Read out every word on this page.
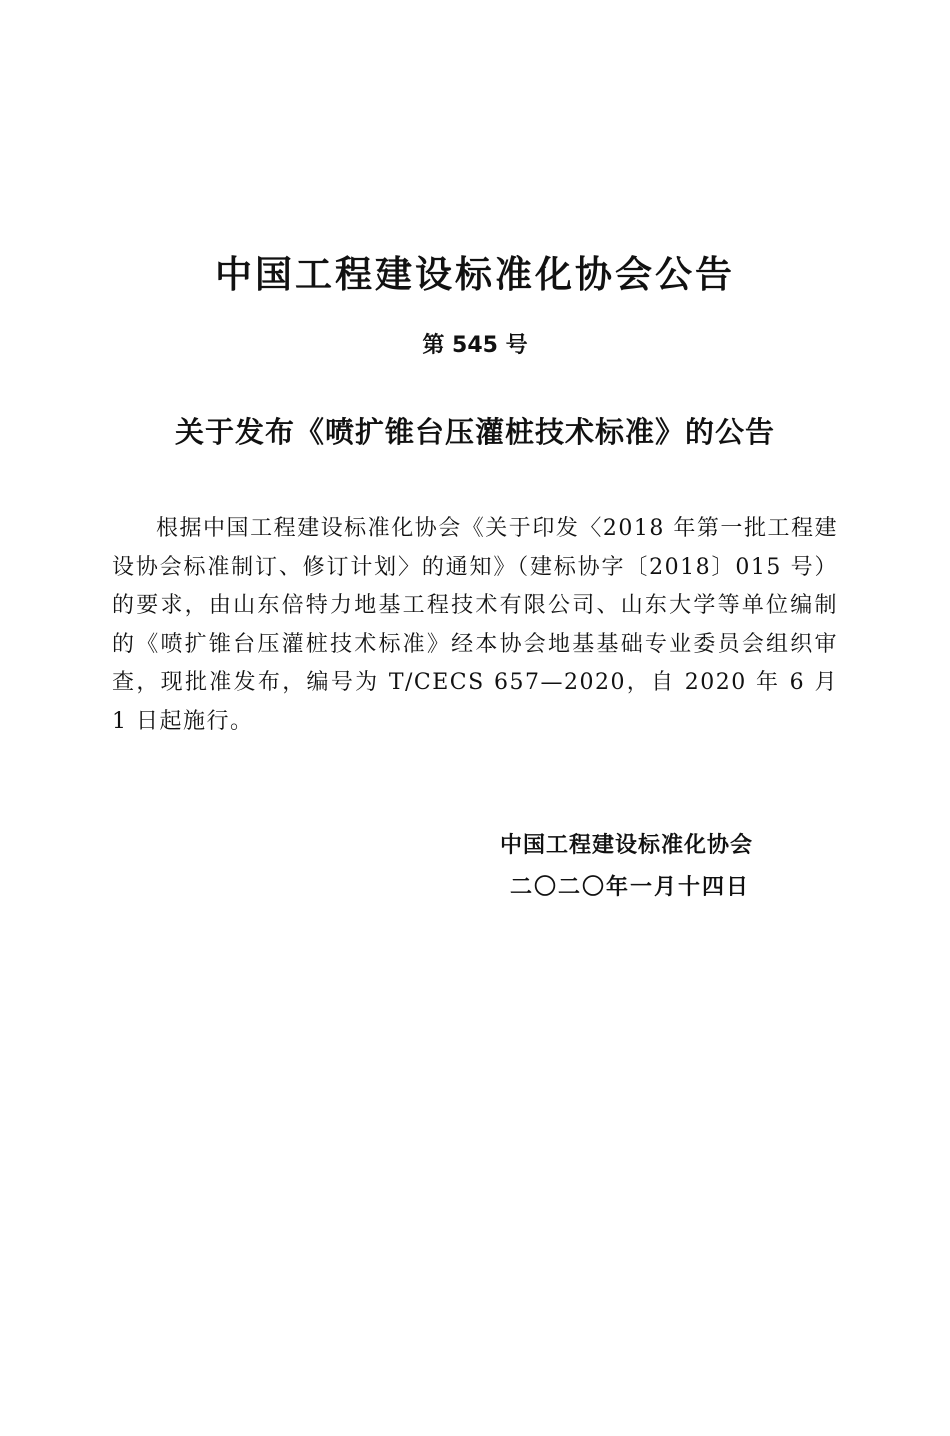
中国工程建设标准化协会公告
第 545 号
关于发布《喷扩锥台压灌桩技术标准》的公告

根据中国工程建设标准化协会《关于印发〈2018 年第一批工程建设协会标准制订、修订计划〉的通知》（建标协字〔2018〕015 号）的要求，由山东倍特力地基工程技术有限公司、山东大学等单位编制的《喷扩锥台压灌桩技术标准》经本协会地基基础专业委员会组织审查，现批准发布，编号为 T/CECS 657—2020，自 2020 年 6 月 1 日起施行。

中国工程建设标准化协会
二〇二〇年一月十四日
